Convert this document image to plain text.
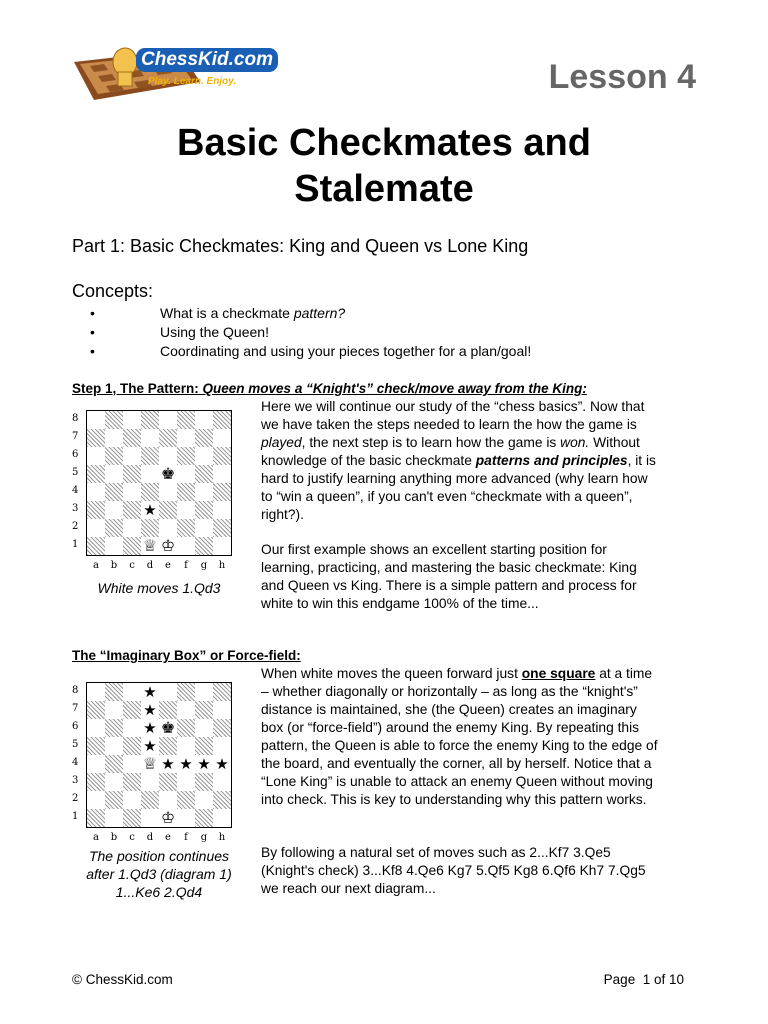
ChessKid.com
Play. Learn. Enjoy.	Lesson 4
Basic Checkmates and
Stalemate
Part 1: Basic Checkmates: King and Queen vs Lone King
Concepts:
•	What is a checkmate pattern?
•	Using the Queen!
•	Coordinating and using your pieces together for a plan/goal!
Step 1, The Pattern: Queen moves a “Knight's” check/move away from the King:
8
7
6
5
4
3
2
1
♚
★
♕ ♔
a	b	c	d	e	f	g	h
White moves 1.Qd3
Here we will continue our study of the “chess basics”. Now that we have taken the steps needed to learn the how the game is played, the next step is to learn how the game is won. Without knowledge of the basic checkmate patterns and principles, it is hard to justify learning anything more advanced (why learn how to “win a queen”, if you can't even “checkmate with a queen”, right?).
Our first example shows an excellent starting position for learning, practicing, and mastering the basic checkmate: King and Queen vs King. There is a simple pattern and process for white to win this endgame 100% of the time...
The “Imaginary Box” or Force-field:
8
7
6
5
4
3
2
1
★
★
★ ♚
★
♕ ★ ★ ★ ★
♔
a	b	c	d	e	f	g	h
The position continues
after 1.Qd3 (diagram 1)
1...Ke6 2.Qd4
When white moves the queen forward just one square at a time – whether diagonally or horizontally – as long as the “knight's” distance is maintained, she (the Queen) creates an imaginary box (or “force-field”) around the enemy King. By repeating this pattern, the Queen is able to force the enemy King to the edge of the board, and eventually the corner, all by herself. Notice that a “Lone King” is unable to attack an enemy Queen without moving into check. This is key to understanding why this pattern works.
By following a natural set of moves such as 2...Kf7 3.Qe5 (Knight's check) 3...Kf8 4.Qe6 Kg7 5.Qf5 Kg8 6.Qf6 Kh7 7.Qg5 we reach our next diagram...
© ChessKid.com	Page  1 of 10
